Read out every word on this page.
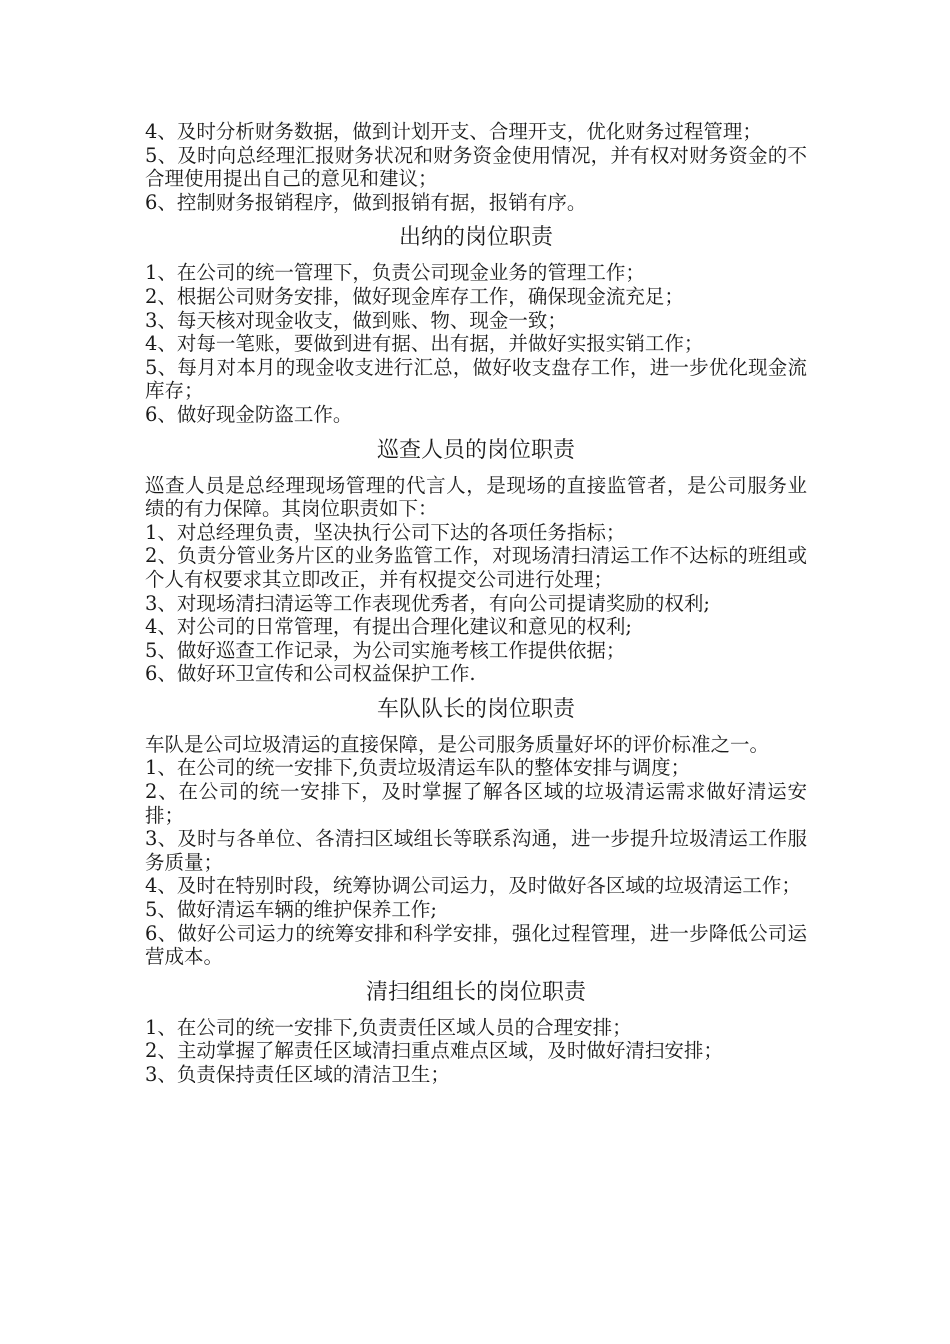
4、及时分析财务数据，做到计划开支、合理开支，优化财务过程管理；

5、及时向总经理汇报财务状况和财务资金使用情况，并有权对财务资金的不合理使用提出自己的意见和建议；

6、控制财务报销程序，做到报销有据，报销有序。

出纳的岗位职责

1、在公司的统一管理下，负责公司现金业务的管理工作；

2、根据公司财务安排，做好现金库存工作，确保现金流充足；

3、每天核对现金收支，做到账、物、现金一致；

4、对每一笔账，要做到进有据、出有据，并做好实报实销工作；

5、每月对本月的现金收支进行汇总，做好收支盘存工作，进一步优化现金流库存；

6、做好现金防盗工作。

巡查人员的岗位职责

巡查人员是总经理现场管理的代言人，是现场的直接监管者，是公司服务业绩的有力保障。其岗位职责如下：

1、对总经理负责，坚决执行公司下达的各项任务指标；

2、负责分管业务片区的业务监管工作，对现场清扫清运工作不达标的班组或个人有权要求其立即改正，并有权提交公司进行处理；

3、对现场清扫清运等工作表现优秀者，有向公司提请奖励的权利;

4、对公司的日常管理，有提出合理化建议和意见的权利;

5、做好巡查工作记录，为公司实施考核工作提供依据；

6、做好环卫宣传和公司权益保护工作.

车队队长的岗位职责

车队是公司垃圾清运的直接保障，是公司服务质量好坏的评价标准之一。

1、在公司的统一安排下,负责垃圾清运车队的整体安排与调度；

2、在公司的统一安排下，及时掌握了解各区域的垃圾清运需求做好清运安排；

3、及时与各单位、各清扫区域组长等联系沟通，进一步提升垃圾清运工作服务质量；

4、及时在特别时段，统筹协调公司运力，及时做好各区域的垃圾清运工作；

5、做好清运车辆的维护保养工作;

6、做好公司运力的统筹安排和科学安排，强化过程管理，进一步降低公司运营成本。

清扫组组长的岗位职责

1、在公司的统一安排下,负责责任区域人员的合理安排；

2、主动掌握了解责任区域清扫重点难点区域，及时做好清扫安排；

3、负责保持责任区域的清洁卫生；
